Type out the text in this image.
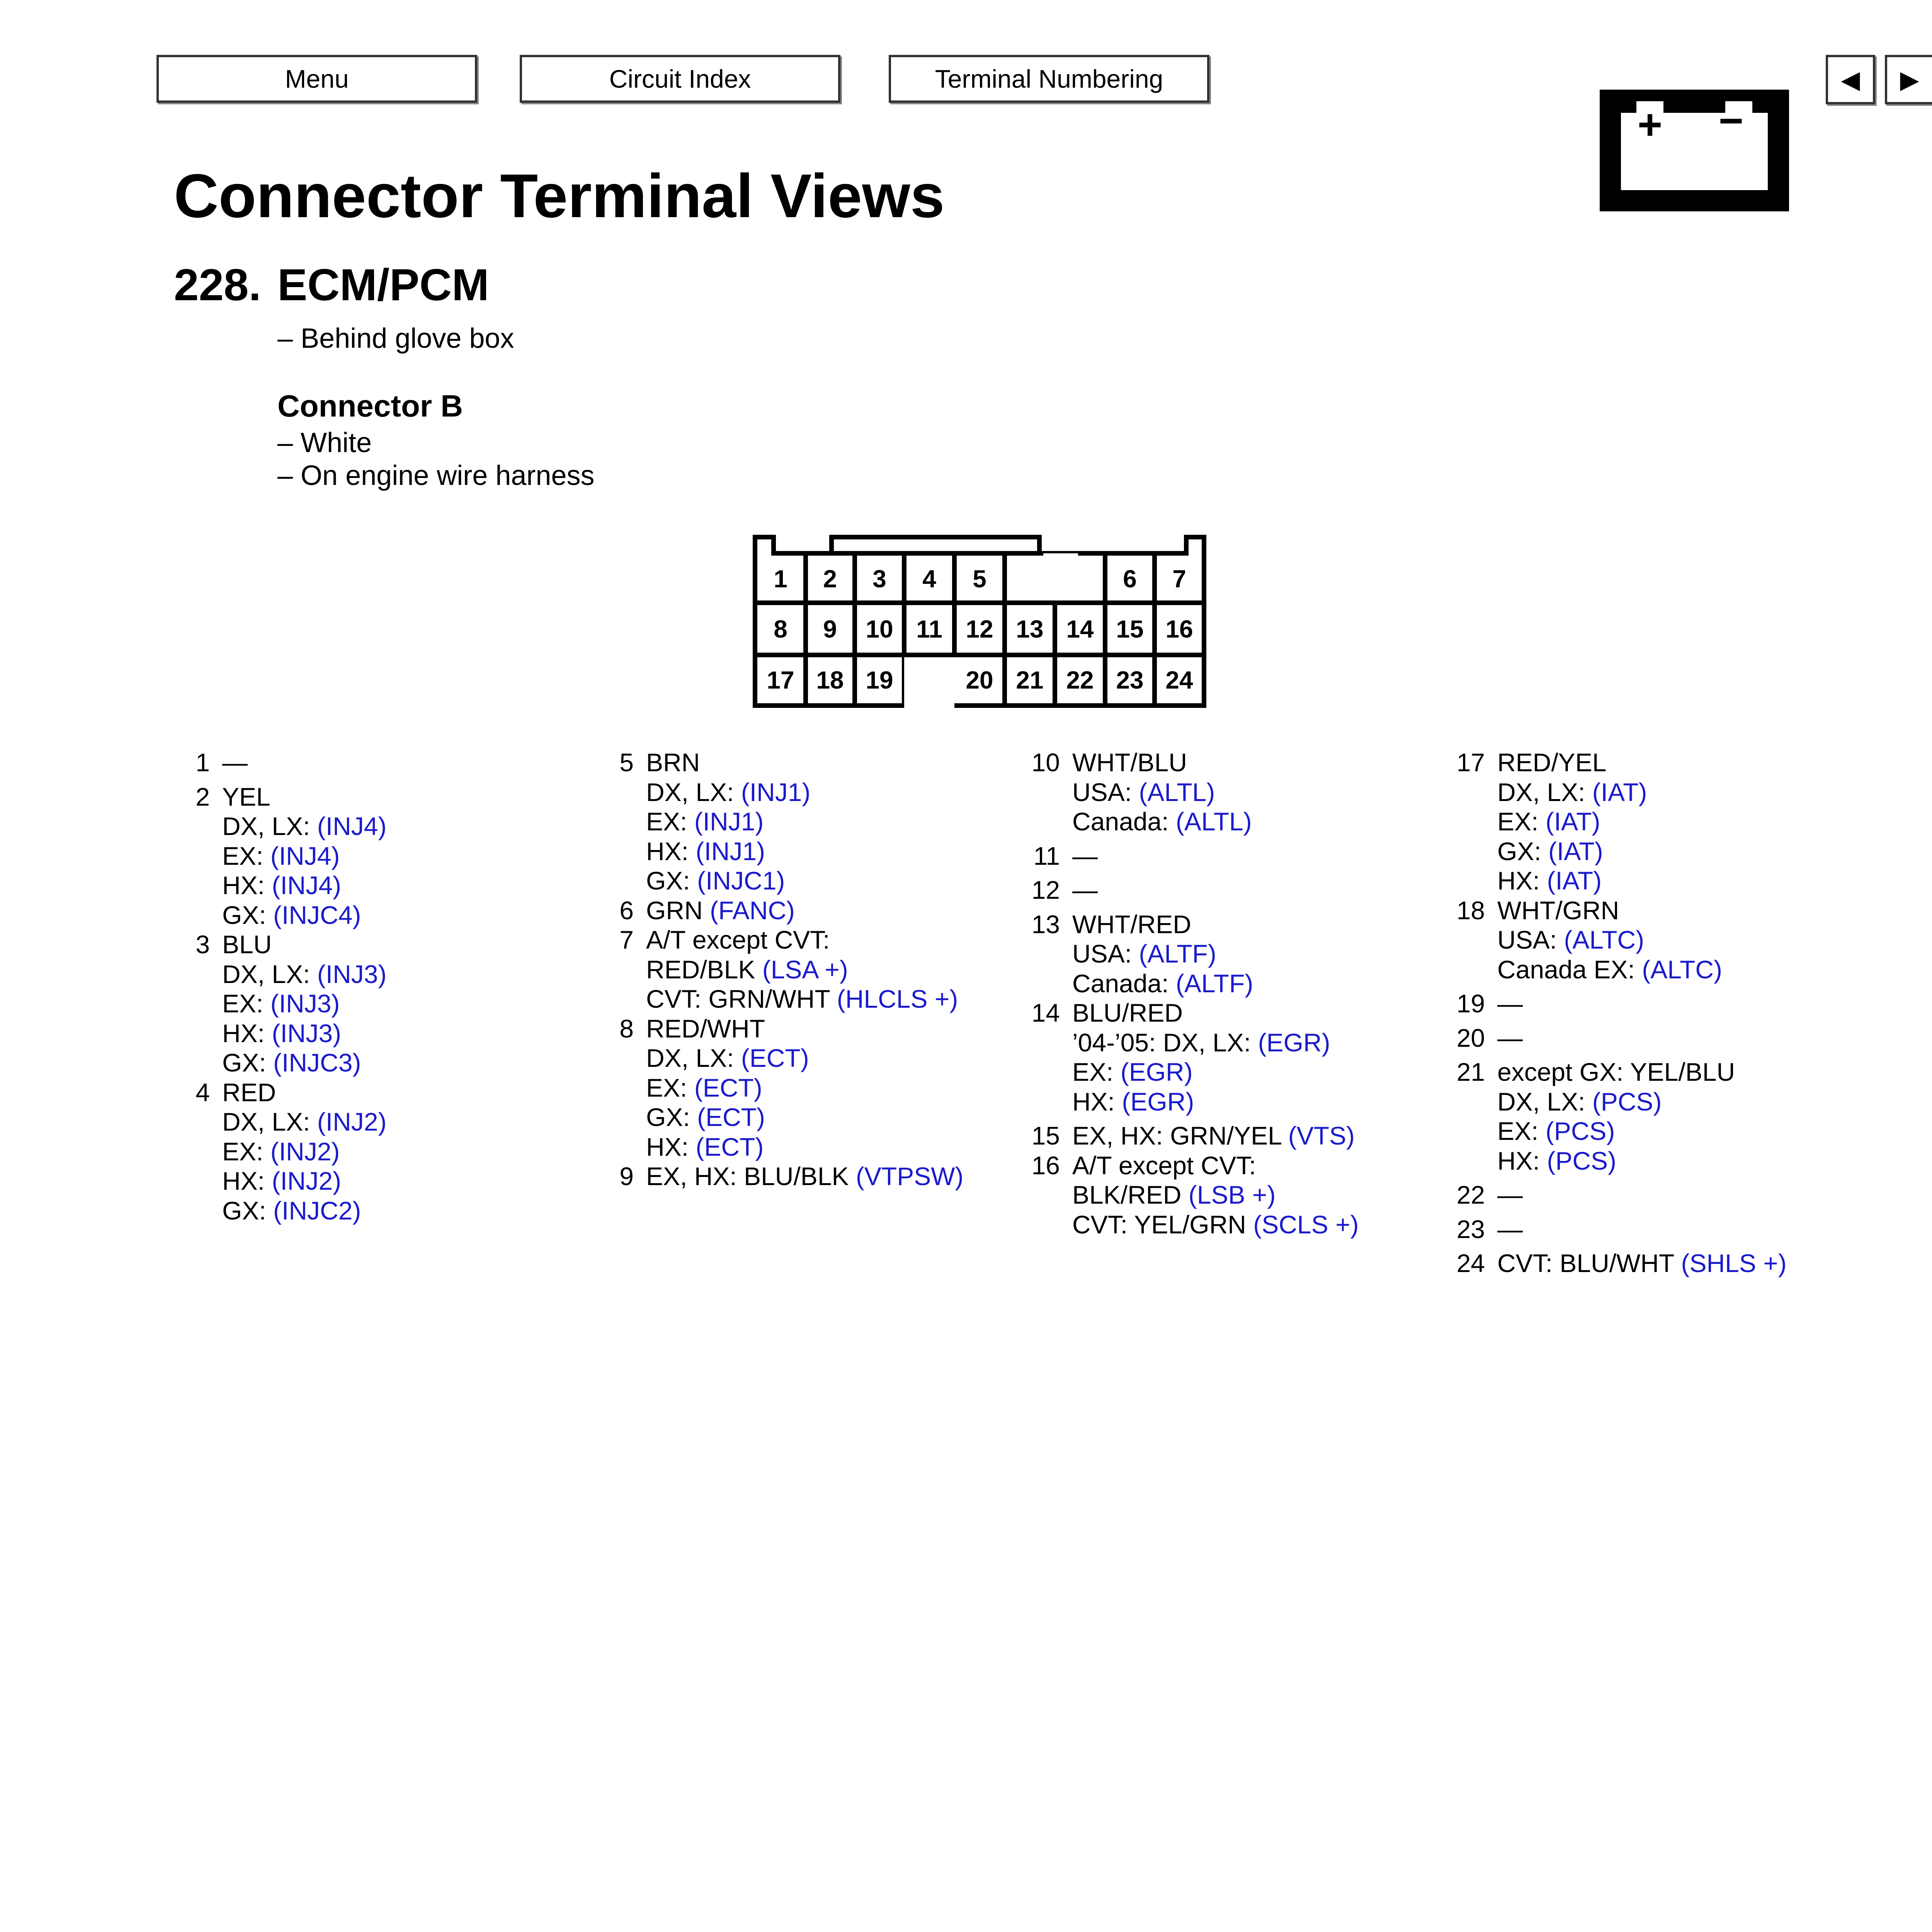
Menu	Circuit Index	Terminal Numbering	◀ ▶
+ −
Connector Terminal Views
228. ECM/PCM
– Behind glove box
Connector B
– White
– On engine wire harness
1 2 3 4 5	6 7
8 9 10 11 12 13 14 15 16
17 18 19	20 21 22 23 24
1 —
2 YEL
DX, LX: (INJ4)
EX: (INJ4)
HX: (INJ4)
GX: (INJC4)
3 BLU
DX, LX: (INJ3)
EX: (INJ3)
HX: (INJ3)
GX: (INJC3)
4 RED
DX, LX: (INJ2)
EX: (INJ2)
HX: (INJ2)
GX: (INJC2)
5 BRN
DX, LX: (INJ1)
EX: (INJ1)
HX: (INJ1)
GX: (INJC1)
6 GRN (FANC)
7 A/T except CVT:
RED/BLK (LSA +)
CVT: GRN/WHT (HLCLS +)
8 RED/WHT
DX, LX: (ECT)
EX: (ECT)
GX: (ECT)
HX: (ECT)
9 EX, HX: BLU/BLK (VTPSW)
10 WHT/BLU
USA: (ALTL)
Canada: (ALTL)
11 —
12 —
13 WHT/RED
USA: (ALTF)
Canada: (ALTF)
14 BLU/RED
’04-’05: DX, LX: (EGR)
EX: (EGR)
HX: (EGR)
15 EX, HX: GRN/YEL (VTS)
16 A/T except CVT:
BLK/RED (LSB +)
CVT: YEL/GRN (SCLS +)
17 RED/YEL
DX, LX: (IAT)
EX: (IAT)
GX: (IAT)
HX: (IAT)
18 WHT/GRN
USA: (ALTC)
Canada EX: (ALTC)
19 —
20 —
21 except GX: YEL/BLU
DX, LX: (PCS)
EX: (PCS)
HX: (PCS)
22 —
23 —
24 CVT: BLU/WHT (SHLS +)
